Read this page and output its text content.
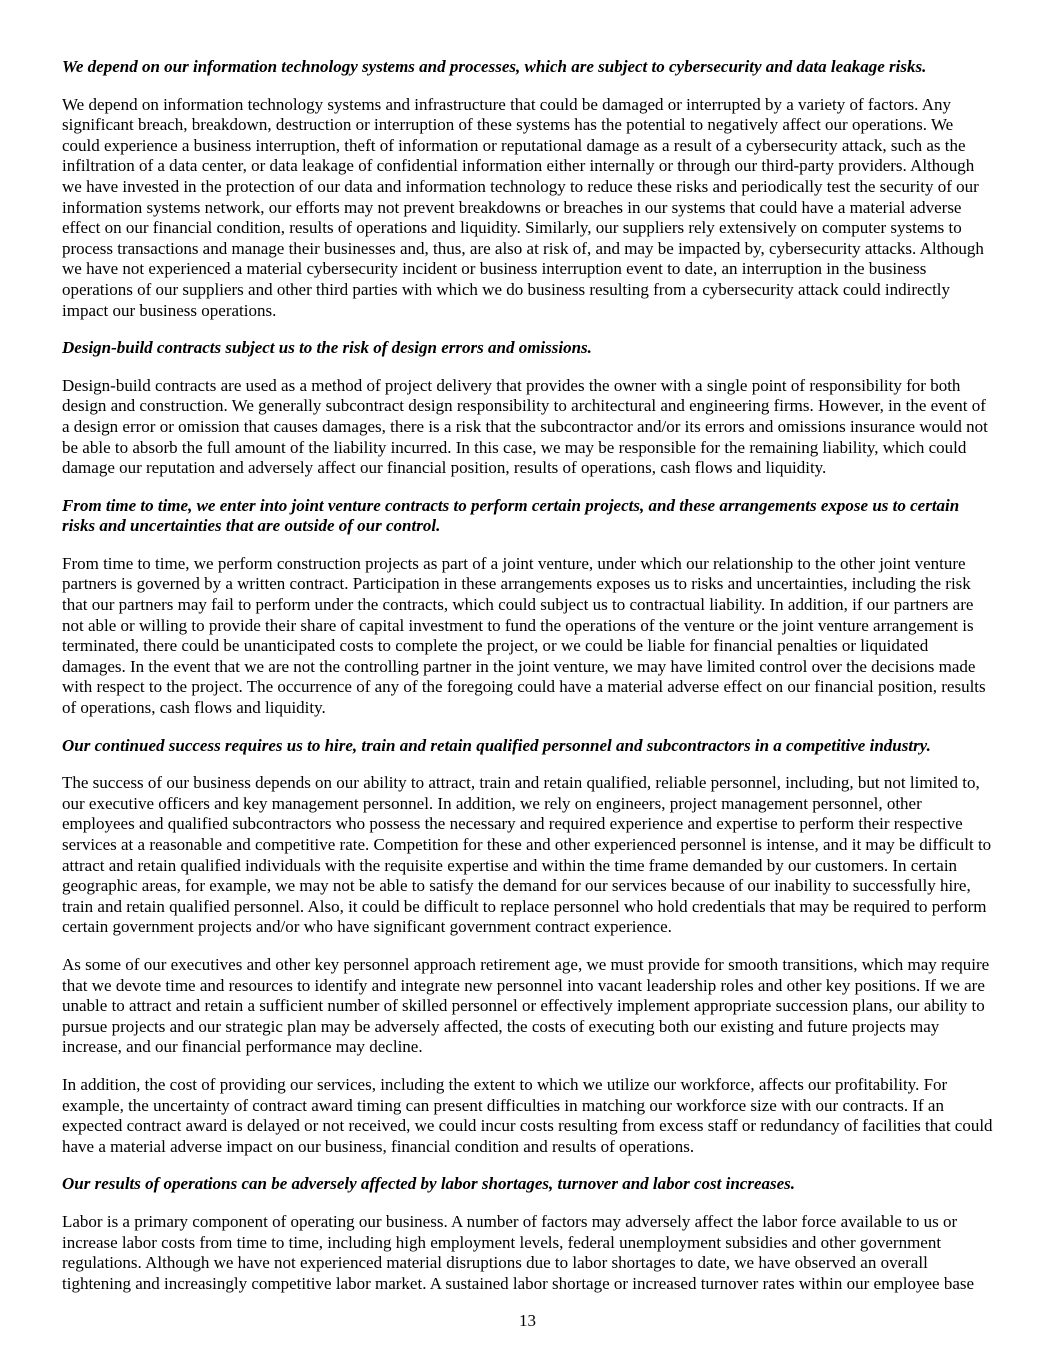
We depend on our information technology systems and processes, which are subject to cybersecurity and data leakage risks.

We depend on information technology systems and infrastructure that could be damaged or interrupted by a variety of factors. Any significant breach, breakdown, destruction or interruption of these systems has the potential to negatively affect our operations. We could experience a business interruption, theft of information or reputational damage as a result of a cybersecurity attack, such as the infiltration of a data center, or data leakage of confidential information either internally or through our third-party providers. Although we have invested in the protection of our data and information technology to reduce these risks and periodically test the security of our information systems network, our efforts may not prevent breakdowns or breaches in our systems that could have a material adverse effect on our financial condition, results of operations and liquidity. Similarly, our suppliers rely extensively on computer systems to process transactions and manage their businesses and, thus, are also at risk of, and may be impacted by, cybersecurity attacks. Although we have not experienced a material cybersecurity incident or business interruption event to date, an interruption in the business operations of our suppliers and other third parties with which we do business resulting from a cybersecurity attack could indirectly impact our business operations.

Design-build contracts subject us to the risk of design errors and omissions.

Design-build contracts are used as a method of project delivery that provides the owner with a single point of responsibility for both design and construction. We generally subcontract design responsibility to architectural and engineering firms. However, in the event of a design error or omission that causes damages, there is a risk that the subcontractor and/or its errors and omissions insurance would not be able to absorb the full amount of the liability incurred. In this case, we may be responsible for the remaining liability, which could damage our reputation and adversely affect our financial position, results of operations, cash flows and liquidity.

From time to time, we enter into joint venture contracts to perform certain projects, and these arrangements expose us to certain risks and uncertainties that are outside of our control.

From time to time, we perform construction projects as part of a joint venture, under which our relationship to the other joint venture partners is governed by a written contract. Participation in these arrangements exposes us to risks and uncertainties, including the risk that our partners may fail to perform under the contracts, which could subject us to contractual liability. In addition, if our partners are not able or willing to provide their share of capital investment to fund the operations of the venture or the joint venture arrangement is terminated, there could be unanticipated costs to complete the project, or we could be liable for financial penalties or liquidated damages. In the event that we are not the controlling partner in the joint venture, we may have limited control over the decisions made with respect to the project. The occurrence of any of the foregoing could have a material adverse effect on our financial position, results of operations, cash flows and liquidity.

Our continued success requires us to hire, train and retain qualified personnel and subcontractors in a competitive industry.

The success of our business depends on our ability to attract, train and retain qualified, reliable personnel, including, but not limited to, our executive officers and key management personnel. In addition, we rely on engineers, project management personnel, other employees and qualified subcontractors who possess the necessary and required experience and expertise to perform their respective services at a reasonable and competitive rate. Competition for these and other experienced personnel is intense, and it may be difficult to attract and retain qualified individuals with the requisite expertise and within the time frame demanded by our customers. In certain geographic areas, for example, we may not be able to satisfy the demand for our services because of our inability to successfully hire, train and retain qualified personnel. Also, it could be difficult to replace personnel who hold credentials that may be required to perform certain government projects and/or who have significant government contract experience.

As some of our executives and other key personnel approach retirement age, we must provide for smooth transitions, which may require that we devote time and resources to identify and integrate new personnel into vacant leadership roles and other key positions. If we are unable to attract and retain a sufficient number of skilled personnel or effectively implement appropriate succession plans, our ability to pursue projects and our strategic plan may be adversely affected, the costs of executing both our existing and future projects may increase, and our financial performance may decline.

In addition, the cost of providing our services, including the extent to which we utilize our workforce, affects our profitability. For example, the uncertainty of contract award timing can present difficulties in matching our workforce size with our contracts. If an expected contract award is delayed or not received, we could incur costs resulting from excess staff or redundancy of facilities that could have a material adverse impact on our business, financial condition and results of operations.

Our results of operations can be adversely affected by labor shortages, turnover and labor cost increases.

Labor is a primary component of operating our business. A number of factors may adversely affect the labor force available to us or increase labor costs from time to time, including high employment levels, federal unemployment subsidies and other government regulations. Although we have not experienced material disruptions due to labor shortages to date, we have observed an overall tightening and increasingly competitive labor market. A sustained labor shortage or increased turnover rates within our employee base

13
